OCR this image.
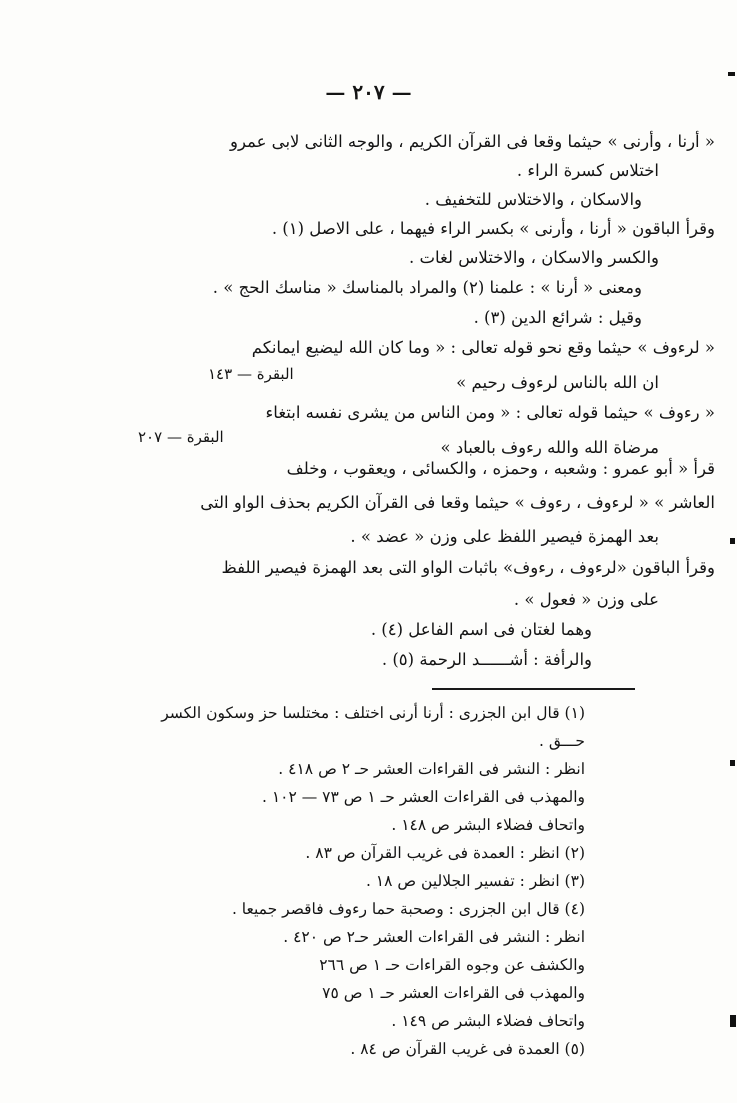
— ٢٠٧ —
« أرنا ، وأرنى » حيثما وقعا فى القرآن الكريم ، والوجه الثانى لابى عمرو
اختلاس كسرة الراء .
والاسكان ، والاختلاس للتخفيف .
وقرأ الباقون « أرنا ، وأرنى » بكسر الراء فيهما ، على الاصل (١) .
والكسر والاسكان ، والاختلاس لغات .
ومعنى « أرنا » : علمنا (٢) والمراد بالمناسك « مناسك الحج » .
وقيل : شرائع الدين (٣) .
« لرءوف » حيثما وقع نحو قوله تعالى : « وما كان الله ليضيع ايمانكم
ان الله بالناس لرءوف رحيم »
« رءوف » حيثما قوله تعالى : « ومن الناس من يشرى نفسه ابتغاء
مرضاة الله والله رءوف بالعباد »
قرأ « أبو عمرو : وشعبه ، وحمزه ، والكسائى ، ويعقوب ، وخلف
العاشر » « لرءوف ، رءوف » حيثما وقعا فى القرآن الكريم بحذف الواو التى
بعد الهمزة فيصير اللفظ على وزن « عضد » .
وقرأ الباقون «لرءوف ، رءوف» باثبات الواو التى بعد الهمزة فيصير اللفظ
على وزن « فعول » .
وهما لغتان فى اسم الفاعل (٤) .
والرأفة : أشــــــد الرحمة (٥) .
البقرة — ١٤٣
البقرة — ٢٠٧
(١) قال ابن الجزرى : أرنا أرنى اختلف : مختلسا حز وسكون الكسر
حـــق .
انظر : النشر فى القراءات العشر حـ ٢ ص ٤١٨ .
والمهذب فى القراءات العشر حـ ١ ص ٧٣ — ١٠٢ .
واتحاف فضلاء البشر ص ١٤٨ .
(٢) انظر : العمدة فى غريب القرآن ص ٨٣ .
(٣) انظر : تفسير الجلالين ص ١٨ .
(٤) قال ابن الجزرى : وصحبة حما رءوف فاقصر جميعا .
انظر : النشر فى القراءات العشر حـ٢ ص ٤٢٠ .
والكشف عن وجوه القراءات حـ ١ ص ٢٦٦
والمهذب فى القراءات العشر حـ ١ ص ٧٥
واتحاف فضلاء البشر ص ١٤٩ .
(٥) العمدة فى غريب القرآن ص ٨٤ .
